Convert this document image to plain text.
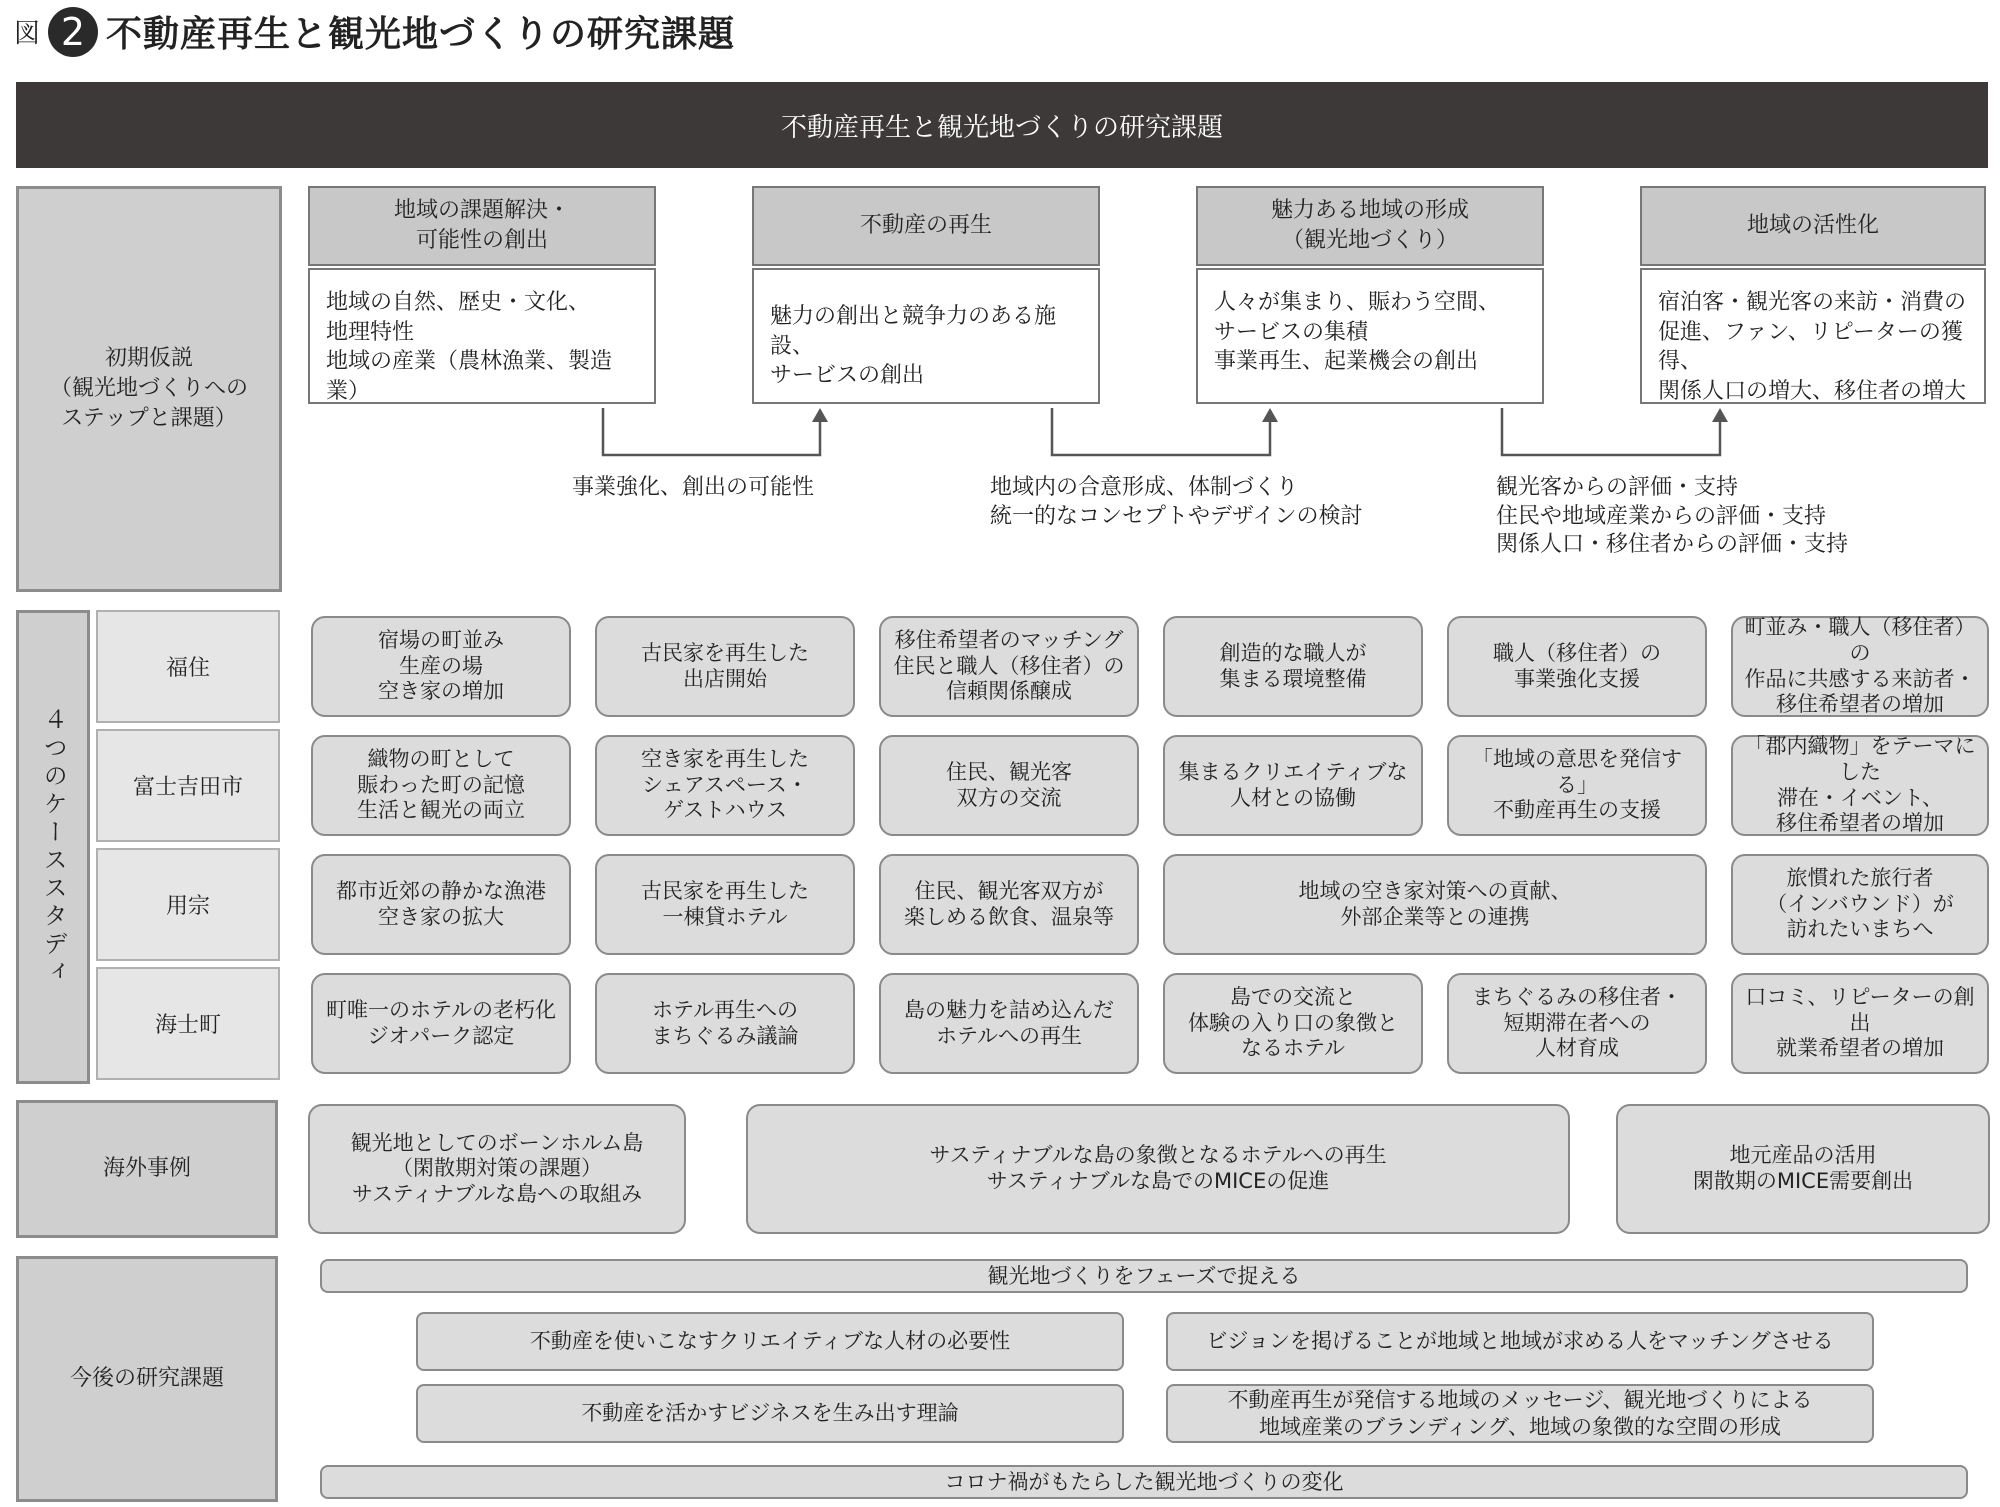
図 2 不動産再生と観光地づくりの研究課題
不動産再生と観光地づくりの研究課題
初期仮説
（観光地づくりへの
ステップと課題）
地域の課題解決・
可能性の創出
地域の自然、歴史・文化、
地理特性
地域の産業（農林漁業、製造業）
不動産の再生
魅力の創出と競争力のある施設、
サービスの創出
魅力ある地域の形成
（観光地づくり）
人々が集まり、賑わう空間、
サービスの集積
事業再生、起業機会の創出
地域の活性化
宿泊客・観光客の来訪・消費の
促進、ファン、リピーターの獲得、
関係人口の増大、移住者の増大
事業強化、創出の可能性	地域内の合意形成、体制づくり
統一的なコンセプトやデザインの検討
観光客からの評価・支持
住民や地域産業からの評価・支持
関係人口・移住者からの評価・支持
４つのケーススタディ
福住
富士吉田市
用宗
海士町
宿場の町並み
生産の場
空き家の増加
古民家を再生した
出店開始
移住希望者のマッチング
住民と職人（移住者）の
信頼関係醸成
創造的な職人が
集まる環境整備
職人（移住者）の
事業強化支援
町並み・職人（移住者）の
作品に共感する来訪者・
移住希望者の増加
織物の町として
賑わった町の記憶
生活と観光の両立
空き家を再生した
シェアスペース・
ゲストハウス
住民、観光客
双方の交流
集まるクリエイティブな
人材との協働
「地域の意思を発信する」
不動産再生の支援
「郡内織物」をテーマにした
滞在・イベント、
移住希望者の増加
都市近郊の静かな漁港
空き家の拡大
古民家を再生した
一棟貸ホテル
住民、観光客双方が
楽しめる飲食、温泉等
地域の空き家対策への貢献、
外部企業等との連携
旅慣れた旅行者
（インバウンド）が
訪れたいまちへ
町唯一のホテルの老朽化
ジオパーク認定
ホテル再生への
まちぐるみ議論
島の魅力を詰め込んだ
ホテルへの再生
島での交流と
体験の入り口の象徴と
なるホテル
まちぐるみの移住者・
短期滞在者への
人材育成
口コミ、リピーターの創出
就業希望者の増加
海外事例
観光地としてのボーンホルム島
（閑散期対策の課題）
サスティナブルな島への取組み
サスティナブルな島の象徴となるホテルへの再生
サスティナブルな島でのMICEの促進
地元産品の活用
閑散期のMICE需要創出
今後の研究課題
観光地づくりをフェーズで捉える
不動産を使いこなすクリエイティブな人材の必要性	ビジョンを掲げることが地域と地域が求める人をマッチングさせる
不動産を活かすビジネスを生み出す理論
不動産再生が発信する地域のメッセージ、観光地づくりによる
地域産業のブランディング、地域の象徴的な空間の形成
コロナ禍がもたらした観光地づくりの変化
